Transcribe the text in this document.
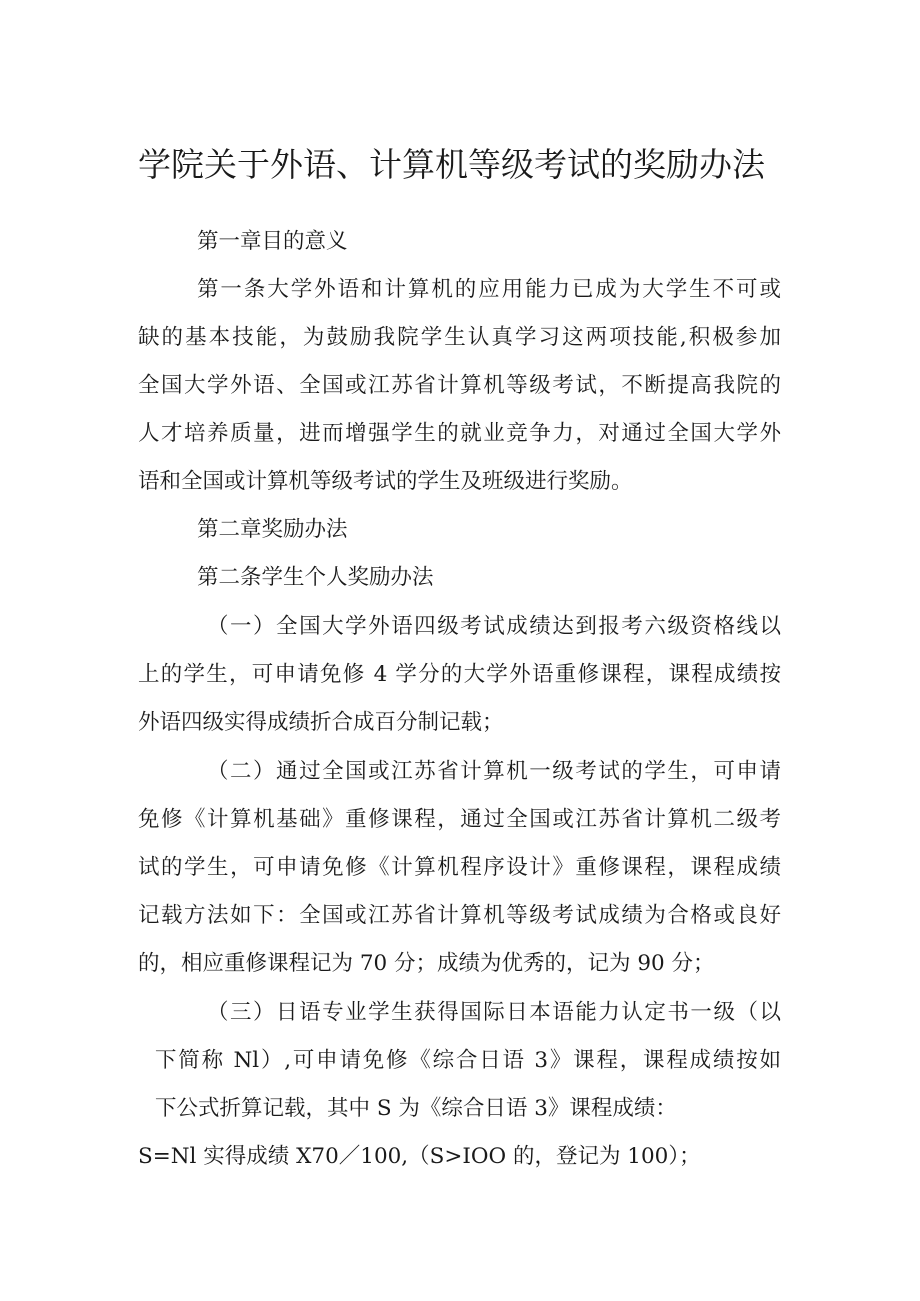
学院关于外语、计算机等级考试的奖励办法
第一章目的意义
第一条大学外语和计算机的应用能力已成为大学生不可或
缺的基本技能，为鼓励我院学生认真学习这两项技能,积极参加
全国大学外语、全国或江苏省计算机等级考试，不断提高我院的
人才培养质量，进而增强学生的就业竞争力，对通过全国大学外
语和全国或计算机等级考试的学生及班级进行奖励。
第二章奖励办法
第二条学生个人奖励办法
（一）全国大学外语四级考试成绩达到报考六级资格线以
上的学生，可申请免修 4 学分的大学外语重修课程，课程成绩按
外语四级实得成绩折合成百分制记载；
（二）通过全国或江苏省计算机一级考试的学生，可申请
免修《计算机基础》重修课程，通过全国或江苏省计算机二级考
试的学生，可申请免修《计算机程序设计》重修课程，课程成绩
记载方法如下：全国或江苏省计算机等级考试成绩为合格或良好
的，相应重修课程记为 70 分；成绩为优秀的，记为 90 分；
（三）日语专业学生获得国际日本语能力认定书一级（以
下简称 Nl）,可申请免修《综合日语 3》课程，课程成绩按如
下公式折算记载，其中 S 为《综合日语 3》课程成绩：
S=Nl 实得成绩 X70／100,（S>IOO 的，登记为 100）；
